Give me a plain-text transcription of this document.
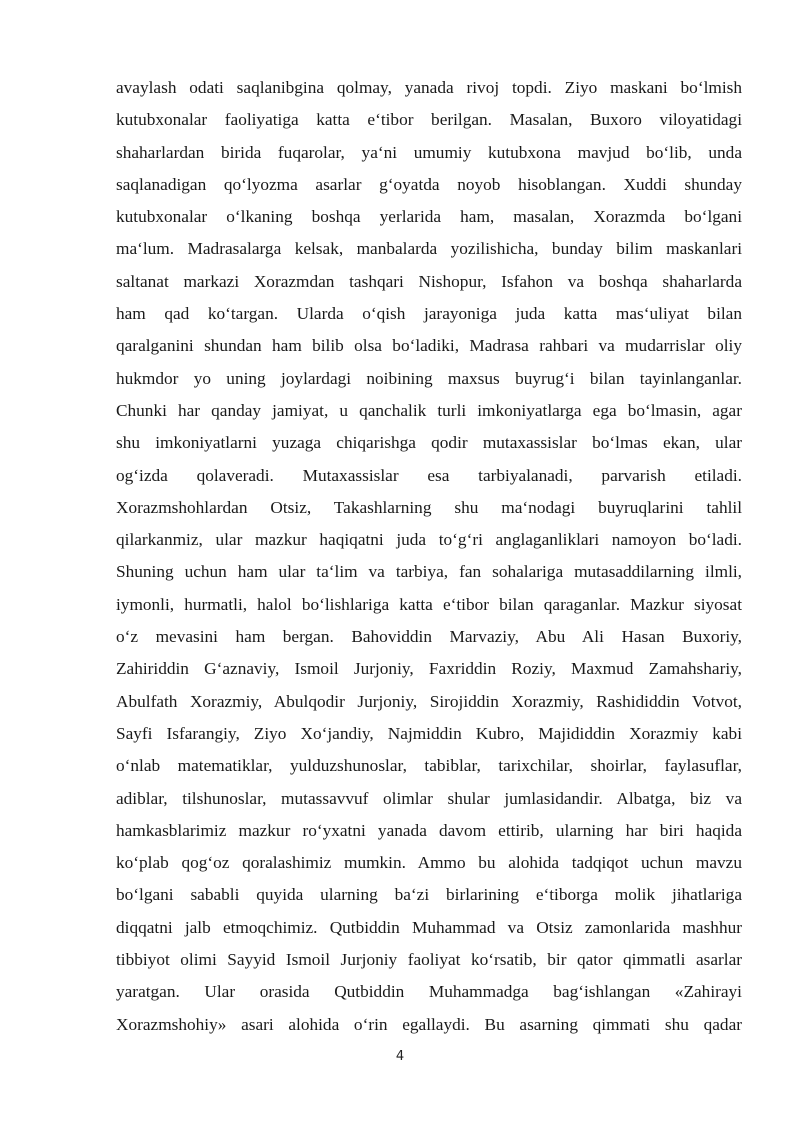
avaylash odati saqlanibgina qolmay, yanada rivoj topdi. Ziyo maskani bo‘lmish
kutubxonalar faoliyatiga katta e‘tibor berilgan. Masalan, Buxoro viloyatidagi
shaharlardan birida fuqarolar, ya‘ni umumiy kutubxona mavjud bo‘lib, unda
saqlanadigan qo‘lyozma asarlar g‘oyatda noyob hisoblangan. Xuddi shunday
kutubxonalar o‘lkaning boshqa yerlarida ham, masalan, Xorazmda bo‘lgani
ma‘lum. Madrasalarga kelsak, manbalarda yozilishicha, bunday bilim maskanlari
saltanat markazi Xorazmdan tashqari Nishopur, Isfahon va boshqa shaharlarda
ham qad ko‘targan. Ularda o‘qish jarayoniga juda katta mas‘uliyat bilan
qaralganini shundan ham bilib olsa bo‘ladiki, Madrasa rahbari va mudarrislar oliy
hukmdor yo uning joylardagi noibining maxsus buyrug‘i bilan tayinlanganlar.
Chunki har qanday jamiyat, u qanchalik turli imkoniyatlarga ega bo‘lmasin, agar
shu imkoniyatlarni yuzaga chiqarishga qodir mutaxassislar bo‘lmas ekan, ular
og‘izda qolaveradi. Mutaxassislar esa tarbiyalanadi, parvarish etiladi.
Xorazmshohlardan Otsiz, Takashlarning shu ma‘nodagi buyruqlarini tahlil
qilarkanmiz, ular mazkur haqiqatni juda to‘g‘ri anglaganliklari namoyon bo‘ladi.
Shuning uchun ham ular ta‘lim va tarbiya, fan sohalariga mutasaddilarning ilmli,
iymonli, hurmatli, halol bo‘lishlariga katta e‘tibor bilan qaraganlar. Mazkur siyosat
o‘z mevasini ham bergan. Bahoviddin Marvaziy, Abu Ali Hasan Buxoriy,
Zahiriddin G‘aznaviy, Ismoil Jurjoniy, Faxriddin Roziy, Maxmud Zamahshariy,
Abulfath Xorazmiy, Abulqodir Jurjoniy, Sirojiddin Xorazmiy, Rashididdin Votvot,
Sayfi Isfarangiy, Ziyo Xo‘jandiy, Najmiddin Kubro, Majididdin Xorazmiy kabi
o‘nlab matematiklar, yulduzshunoslar, tabiblar, tarixchilar, shoirlar, faylasuflar,
adiblar, tilshunoslar, mutassavvuf olimlar shular jumlasidandir. Albatga, biz va
hamkasblarimiz mazkur ro‘yxatni yanada davom ettirib, ularning har biri haqida
ko‘plab qog‘oz qoralashimiz mumkin. Ammo bu alohida tadqiqot uchun mavzu
bo‘lgani sababli quyida ularning ba‘zi birlarining e‘tiborga molik jihatlariga
diqqatni jalb etmoqchimiz. Qutbiddin Muhammad va Otsiz zamonlarida mashhur
tibbiyot olimi Sayyid Ismoil Jurjoniy faoliyat ko‘rsatib, bir qator qimmatli asarlar
yaratgan. Ular orasida Qutbiddin Muhammadga bag‘ishlangan «Zahirayi
Xorazmshohiy» asari alohida o‘rin egallaydi. Bu asarning qimmati shu qadar
4
